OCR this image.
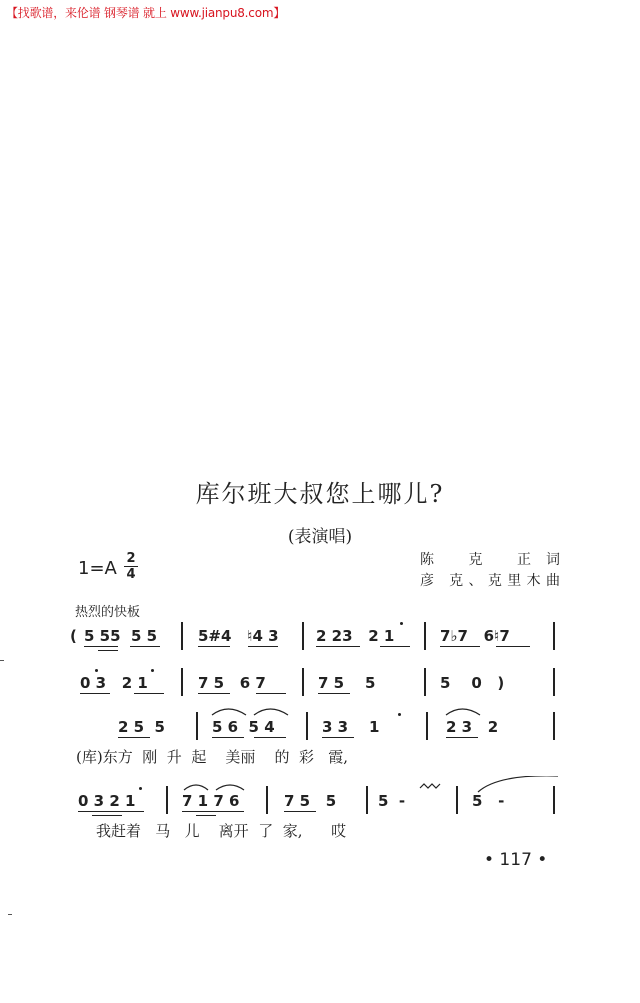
【找歌谱，来伦谱 钢琴谱 就上 www.jianpu8.com】
库尔班大叔您上哪儿?
(表演唱)
1=A 2
4
陈 克 正词
彦 克、克里木曲
热烈的快板
( 5 55  5 5	5#4   ♮4 3 2 23   2 1	7♭7   6♮7
0 3   2 1	7 5   6 7	7 5    5	5    0   )
2 5  5	5 6  5 4	3 3    1	2 3   2
(库)东方  刚  升  起    美丽    的  彩   霞,
0 3 2 1	7 1 7 6	7 5   5	5  -	5   -
我赶着   马   儿    离开  了  家,      哎
• 117 •
